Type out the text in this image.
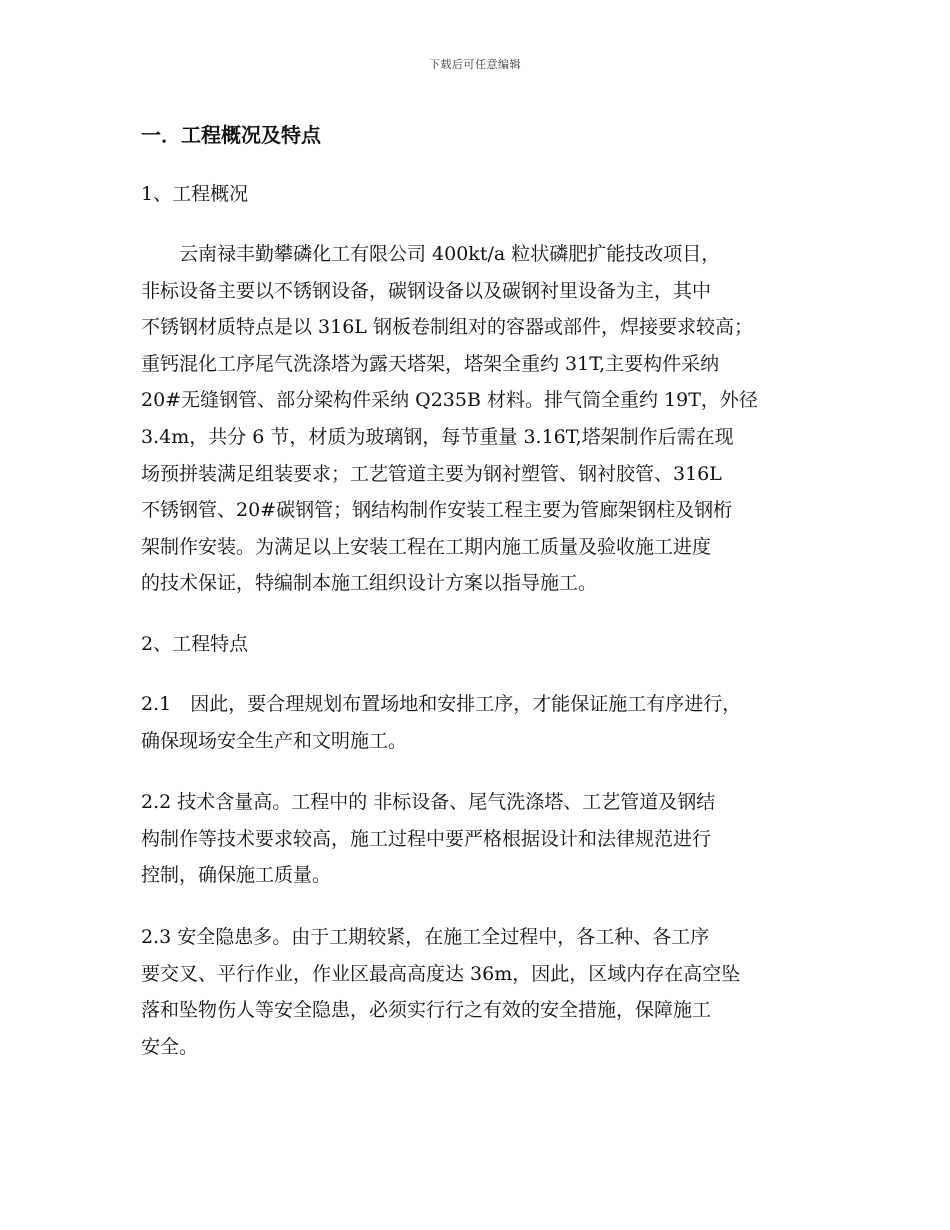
下载后可任意编辑
一．工程概况及特点
1、工程概况
云南禄丰勤攀磷化工有限公司 400kt/a 粒状磷肥扩能技改项目，
非标设备主要以不锈钢设备，碳钢设备以及碳钢衬里设备为主，其中
不锈钢材质特点是以 316L 钢板卷制组对的容器或部件，焊接要求较高；
重钙混化工序尾气洗涤塔为露天塔架，塔架全重约 31T,主要构件采纳
20#无缝钢管、部分梁构件采纳 Q235B 材料。排气筒全重约 19T，外径
3.4m，共分 6 节，材质为玻璃钢，每节重量 3.16T,塔架制作后需在现
场预拼装满足组装要求；工艺管道主要为钢衬塑管、钢衬胶管、316L
不锈钢管、20#碳钢管；钢结构制作安装工程主要为管廊架钢柱及钢桁
架制作安装。为满足以上安装工程在工期内施工质量及验收施工进度
的技术保证，特编制本施工组织设计方案以指导施工。
2、工程特点
2.1　因此，要合理规划布置场地和安排工序，才能保证施工有序进行，
确保现场安全生产和文明施工。
2.2 技术含量高。工程中的 非标设备、尾气洗涤塔、工艺管道及钢结
构制作等技术要求较高，施工过程中要严格根据设计和法律规范进行
控制，确保施工质量。
2.3 安全隐患多。由于工期较紧，在施工全过程中，各工种、各工序
要交叉、平行作业，作业区最高高度达 36m，因此，区域内存在高空坠
落和坠物伤人等安全隐患，必须实行行之有效的安全措施，保障施工
安全。
